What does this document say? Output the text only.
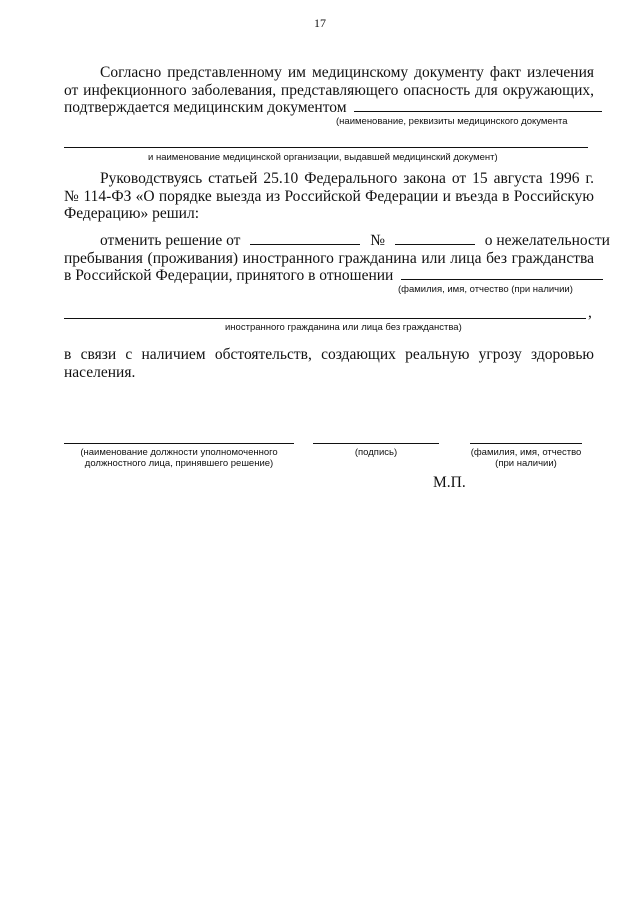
17
Согласно представленному им медицинскому документу факт излечения
от инфекционного заболевания, представляющего опасность для окружающих,
подтверждается медицинским документом
(наименование, реквизиты медицинского документа
и наименование медицинской организации, выдавшей медицинский документ)
Руководствуясь статьей 25.10 Федерального закона от 15 августа 1996 г.
№ 114-ФЗ «О порядке выезда из Российской Федерации и въезда в Российскую
Федерацию» решил:
отменить решение от	№	о нежелательности
пребывания (проживания) иностранного гражданина или лица без гражданства
в Российской Федерации, принятого в отношении
(фамилия, имя, отчество (при наличии)
,
иностранного гражданина или лица без гражданства)
в связи с наличием обстоятельств, создающих реальную угрозу здоровью
населения.
(наименование должности уполномоченного
должностного лица, принявшего решение)
(подпись)	(фамилия, имя, отчество
(при наличии)
М.П.
